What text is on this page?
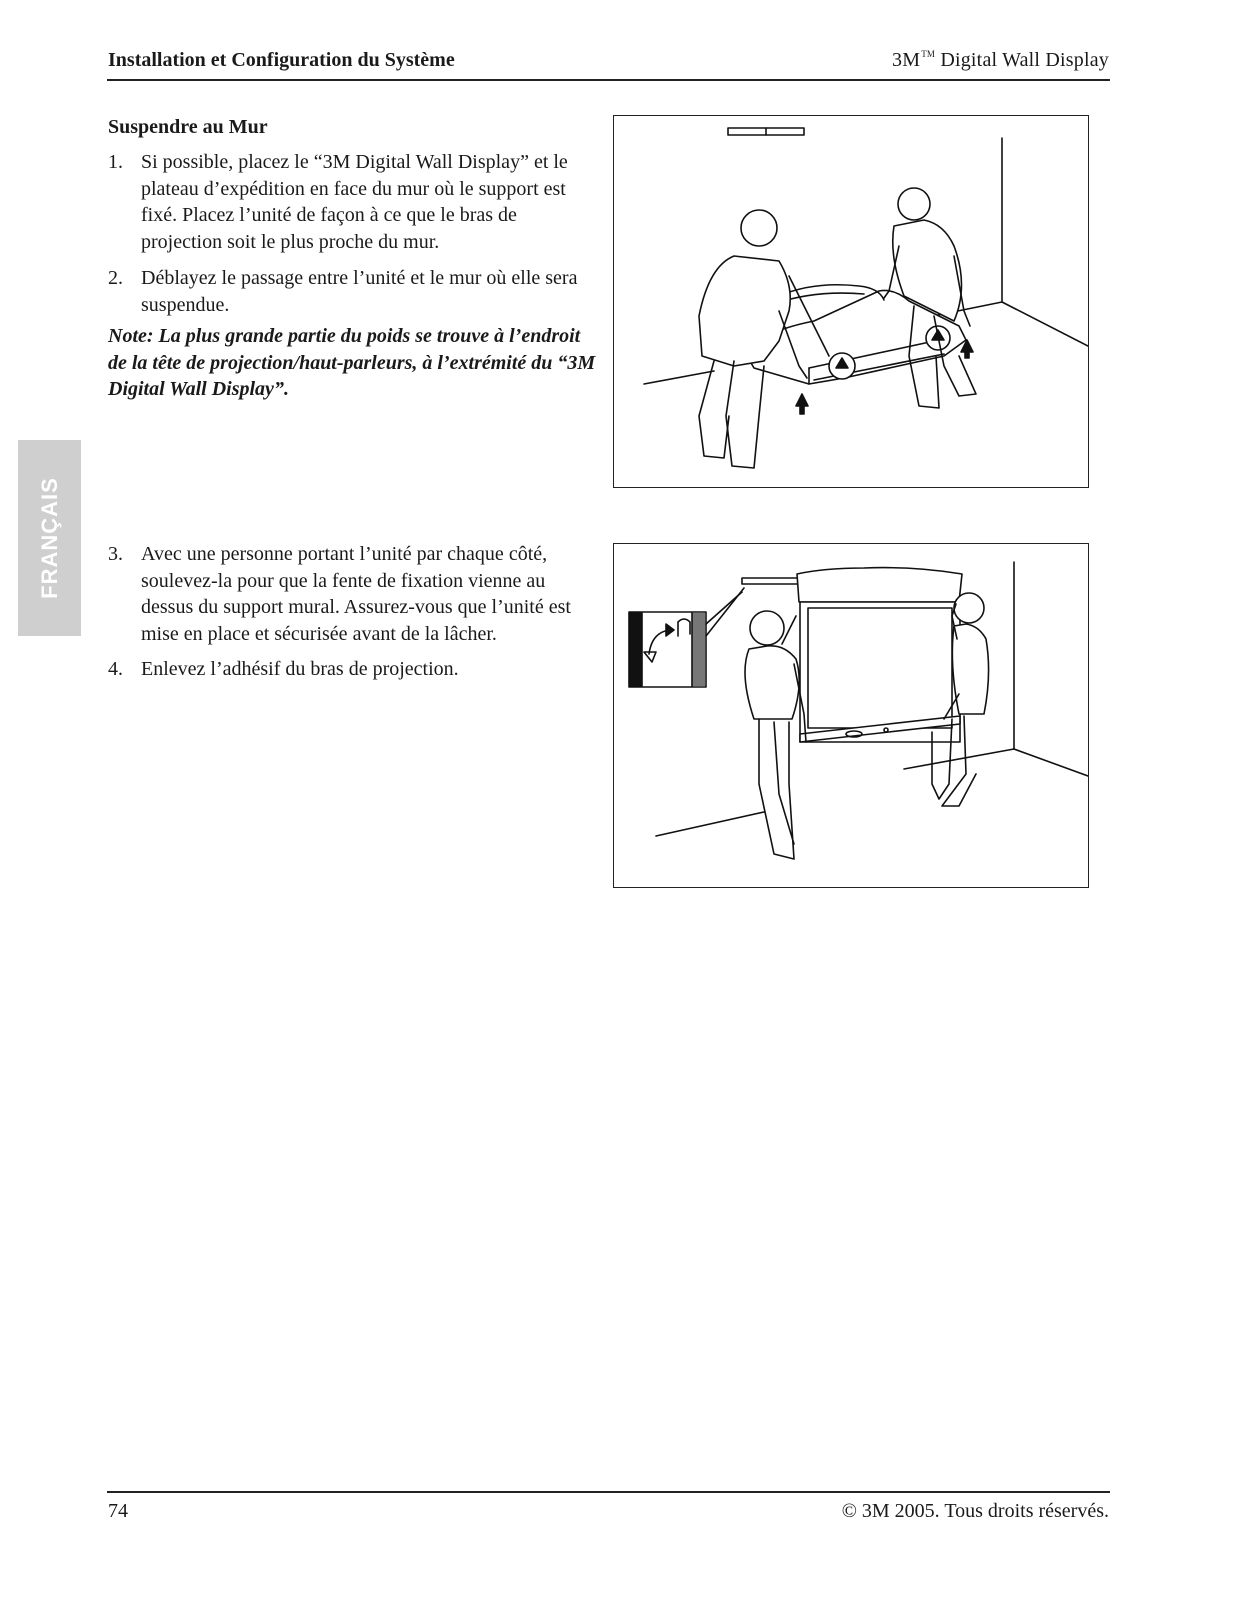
Installation et Configuration du Système	3M™ Digital Wall Display
FRANÇAIS
Suspendre au Mur
1. Si possible, placez le “3M Digital Wall Display” et le plateau d’expédition en face du mur où le support est fixé. Placez l’unité de façon à ce que le bras de projection soit le plus proche du mur.
2. Déblayez le passage entre l’unité et le mur où elle sera suspendue.
Note: La plus grande partie du poids se trouve à l’endroit de la tête de projection/haut-parleurs, à l’extrémité du “3M Digital Wall Display”.
3. Avec une personne portant l’unité par chaque côté, soulevez-la pour que la fente de fixation vienne au dessus du support mural. Assurez-vous que l’unité est mise en place et sécurisée avant de la lâcher.
4. Enlevez l’adhésif du bras de projection.
74	© 3M 2005. Tous droits réservés.
